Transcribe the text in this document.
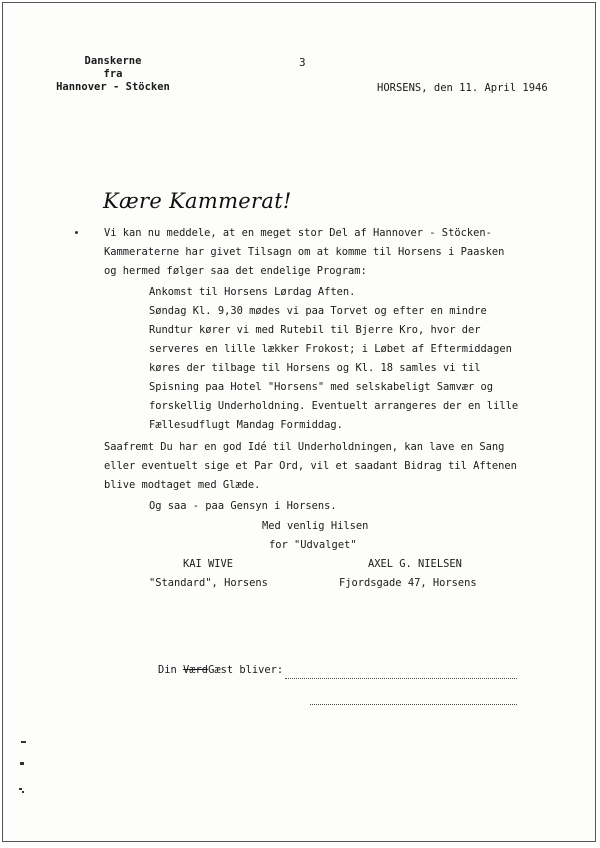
Danskerne
fra
Hannover - Stöcken
3
HORSENS, den 11. April 1946
Kære Kammerat!
Vi kan nu meddele, at en meget stor Del af Hannover - Stöcken-
Kammeraterne har givet Tilsagn om at komme til Horsens i Paasken
og hermed følger saa det endelige Program:
Ankomst til Horsens Lørdag Aften.
Søndag Kl. 9,30 mødes vi paa Torvet og efter en mindre
Rundtur kører vi med Rutebil til Bjerre Kro, hvor der
serveres en lille lækker Frokost; i Løbet af Eftermiddagen
køres der tilbage til Horsens og Kl. 18 samles vi til
Spisning paa Hotel "Horsens" med selskabeligt Samvær og
forskellig Underholdning. Eventuelt arrangeres der en lille
Fællesudflugt Mandag Formiddag.
Saafremt Du har en god Idé til Underholdningen, kan lave en Sang
eller eventuelt sige et Par Ord, vil et saadant Bidrag til Aftenen
blive modtaget med Glæde.
Og saa - paa Gensyn i Horsens.
Med venlig Hilsen
for "Udvalget"
KAI WIVE	AXEL G. NIELSEN
"Standard", Horsens	Fjordsgade 47, Horsens
Din VærdGæst bliver:
